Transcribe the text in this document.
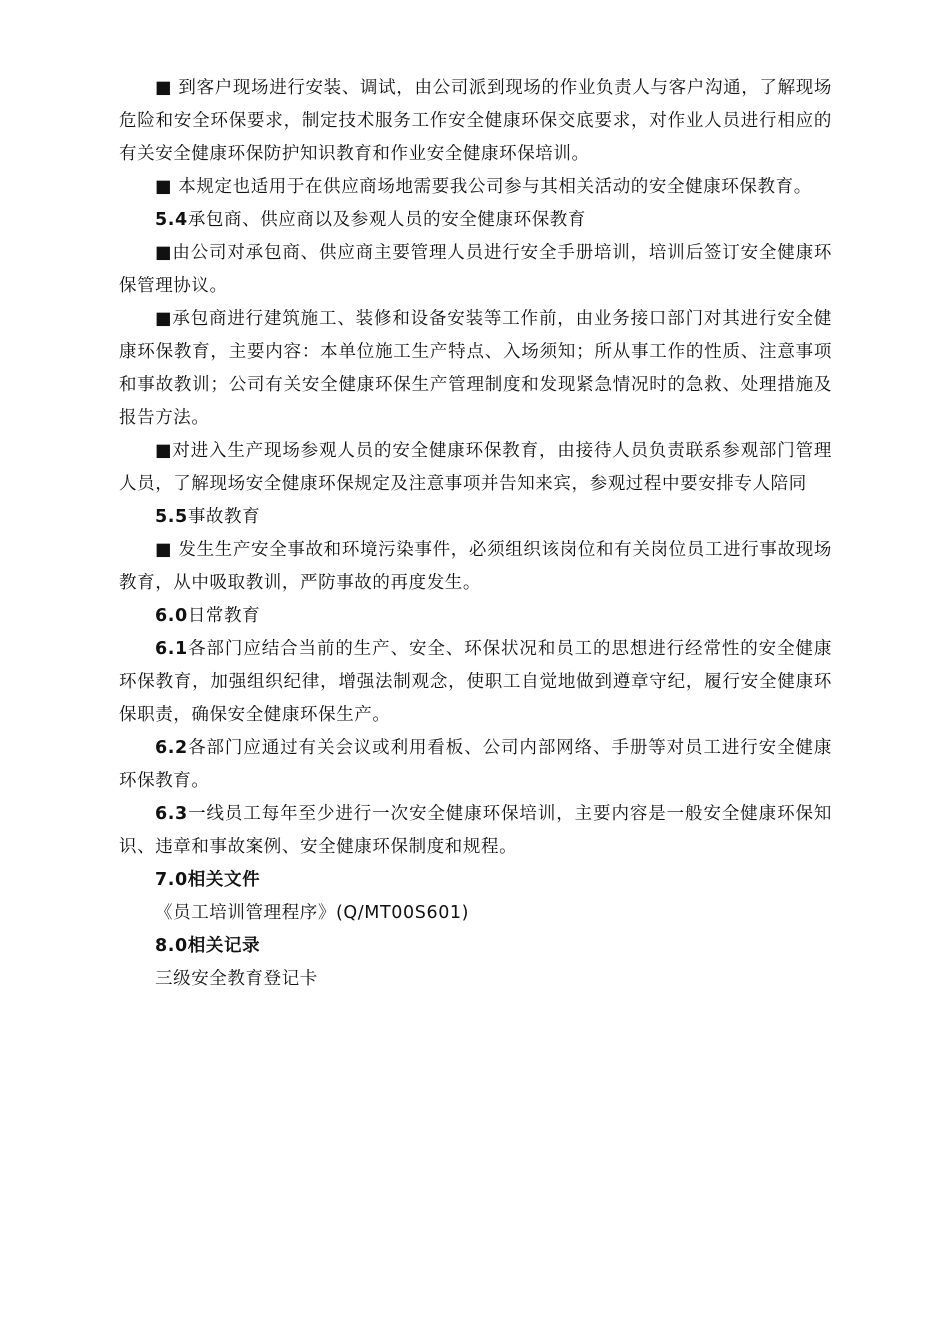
■ 到客户现场进行安装、调试，由公司派到现场的作业负责人与客户沟通，了解现场危险和安全环保要求，制定技术服务工作安全健康环保交底要求，对作业人员进行相应的有关安全健康环保防护知识教育和作业安全健康环保培训。

■ 本规定也适用于在供应商场地需要我公司参与其相关活动的安全健康环保教育。

5.4承包商、供应商以及参观人员的安全健康环保教育

■由公司对承包商、供应商主要管理人员进行安全手册培训，培训后签订安全健康环保管理协议。

■承包商进行建筑施工、装修和设备安装等工作前，由业务接口部门对其进行安全健康环保教育，主要内容：本单位施工生产特点、入场须知；所从事工作的性质、注意事项和事故教训；公司有关安全健康环保生产管理制度和发现紧急情况时的急救、处理措施及报告方法。

■对进入生产现场参观人员的安全健康环保教育，由接待人员负责联系参观部门管理人员，了解现场安全健康环保规定及注意事项并告知来宾，参观过程中要安排专人陪同

5.5事故教育

■ 发生生产安全事故和环境污染事件，必须组织该岗位和有关岗位员工进行事故现场教育，从中吸取教训，严防事故的再度发生。

6.0日常教育

6.1各部门应结合当前的生产、安全、环保状况和员工的思想进行经常性的安全健康环保教育，加强组织纪律，增强法制观念，使职工自觉地做到遵章守纪，履行安全健康环保职责，确保安全健康环保生产。

6.2各部门应通过有关会议或利用看板、公司内部网络、手册等对员工进行安全健康环保教育。

6.3一线员工每年至少进行一次安全健康环保培训，主要内容是一般安全健康环保知识、违章和事故案例、安全健康环保制度和规程。

7.0相关文件

《员工培训管理程序》(Q/MT00S601)

8.0相关记录

三级安全教育登记卡
